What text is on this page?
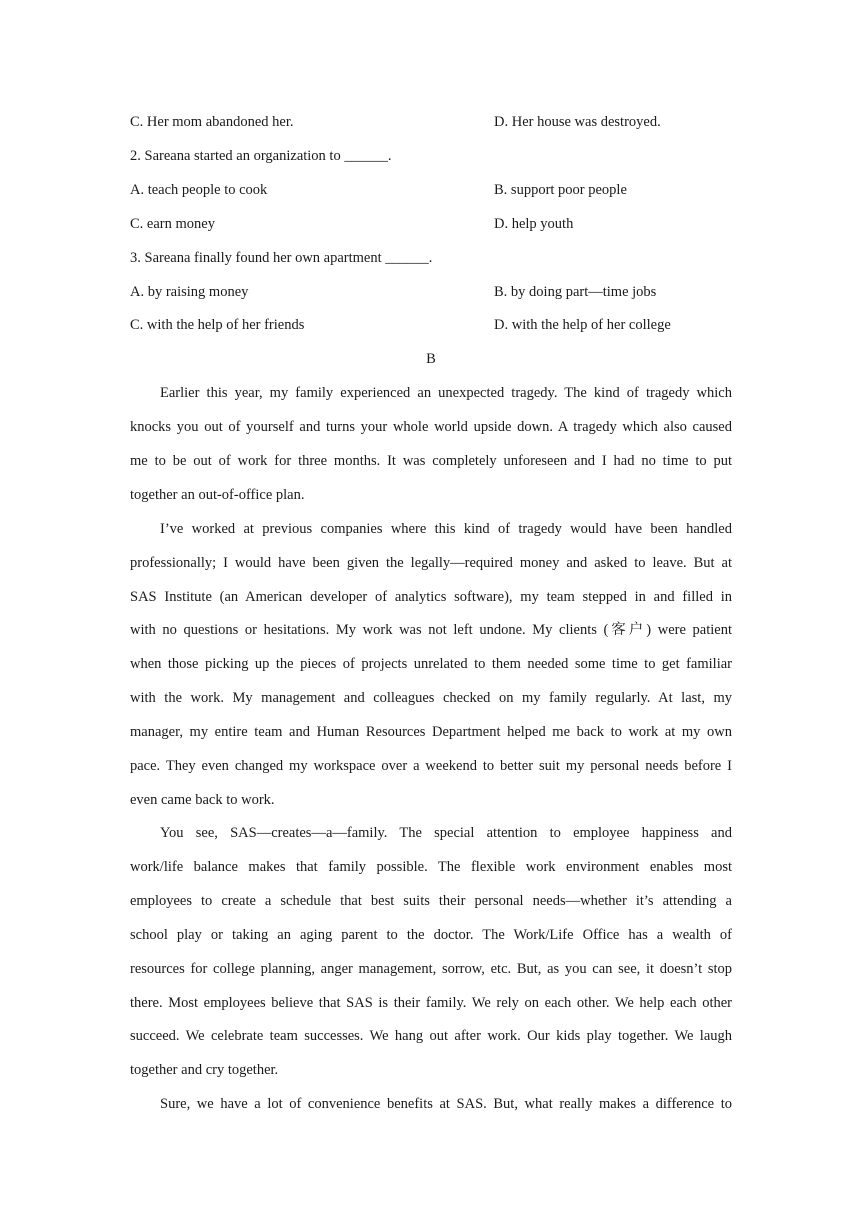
C. Her mom abandoned her.	D. Her house was destroyed.
2. Sareana started an organization to ______.
A. teach people to cook	B. support poor people
C. earn money	D. help youth
3. Sareana finally found her own apartment ______.
A. by raising money	B. by doing part—time jobs
C. with the help of her friends	D. with the help of her college
B
Earlier this year, my family experienced an unexpected tragedy. The kind of tragedy which
knocks you out of yourself and turns your whole world upside down. A tragedy which also caused
me to be out of work for three months. It was completely unforeseen and I had no time to put
together an out-of-office plan.
I’ve worked at previous companies where this kind of tragedy would have been handled
professionally; I would have been given the legally—required money and asked to leave. But at
SAS Institute (an American developer of analytics software), my team stepped in and filled in
with no questions or hesitations. My work was not left undone. My clients (客户) were patient
when those picking up the pieces of projects unrelated to them needed some time to get familiar
with the work. My management and colleagues checked on my family regularly. At last, my
manager, my entire team and Human Resources Department helped me back to work at my own
pace. They even changed my workspace over a weekend to better suit my personal needs before I
even came back to work.
You see, SAS—creates—a—family. The special attention to employee happiness and
work/life balance makes that family possible. The flexible work environment enables most
employees to create a schedule that best suits their personal needs—whether it’s attending a
school play or taking an aging parent to the doctor. The Work/Life Office has a wealth of
resources for college planning, anger management, sorrow, etc. But, as you can see, it doesn’t stop
there. Most employees believe that SAS is their family. We rely on each other. We help each other
succeed. We celebrate team successes. We hang out after work. Our kids play together. We laugh
together and cry together.
Sure, we have a lot of convenience benefits at SAS. But, what really makes a difference to
